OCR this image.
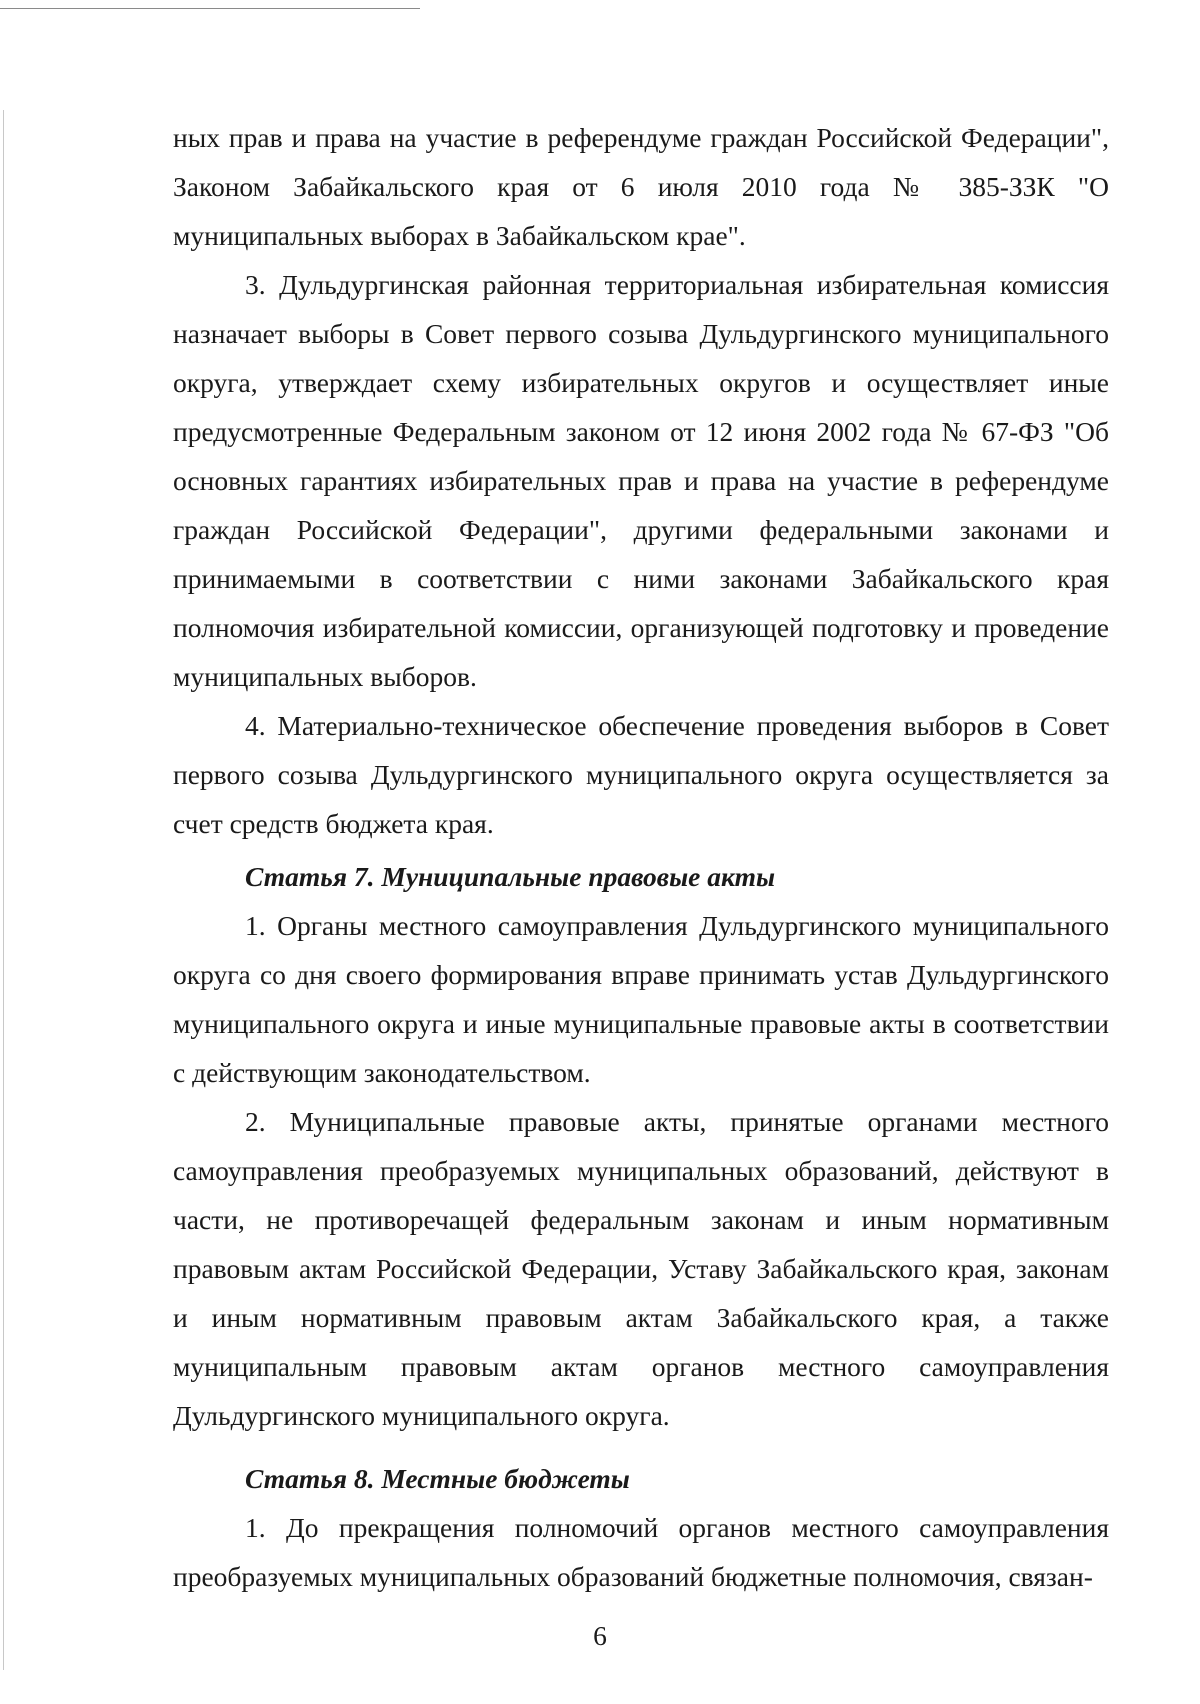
ных прав и права на участие в референдуме граждан Российской Федерации", Законом Забайкальского края от 6 июля 2010 года № 385-ЗЗК "О муниципальных выборах в Забайкальском крае".

3. Дульдургинская районная территориальная избирательная комиссия назначает выборы в Совет первого созыва Дульдургинского муниципального округа, утверждает схему избирательных округов и осуществляет иные предусмотренные Федеральным законом от 12 июня 2002 года № 67-ФЗ "Об основных гарантиях избирательных прав и права на участие в референдуме граждан Российской Федерации", другими федеральными законами и принимаемыми в соответствии с ними законами Забайкальского края полномочия избирательной комиссии, организующей подготовку и проведение муниципальных выборов.

4. Материально-техническое обеспечение проведения выборов в Совет первого созыва Дульдургинского муниципального округа осуществляется за счет средств бюджета края.

Статья 7. Муниципальные правовые акты

1. Органы местного самоуправления Дульдургинского муниципального округа со дня своего формирования вправе принимать устав Дульдургинского муниципального округа и иные муниципальные правовые акты в соответствии с действующим законодательством.

2. Муниципальные правовые акты, принятые органами местного самоуправления преобразуемых муниципальных образований, действуют в части, не противоречащей федеральным законам и иным нормативным правовым актам Российской Федерации, Уставу Забайкальского края, законам и иным нормативным правовым актам Забайкальского края, а также муниципальным правовым актам органов местного самоуправления Дульдургинского муниципального округа.

Статья 8. Местные бюджеты

1. До прекращения полномочий органов местного самоуправления преобразуемых муниципальных образований бюджетные полномочия, связан-

6
